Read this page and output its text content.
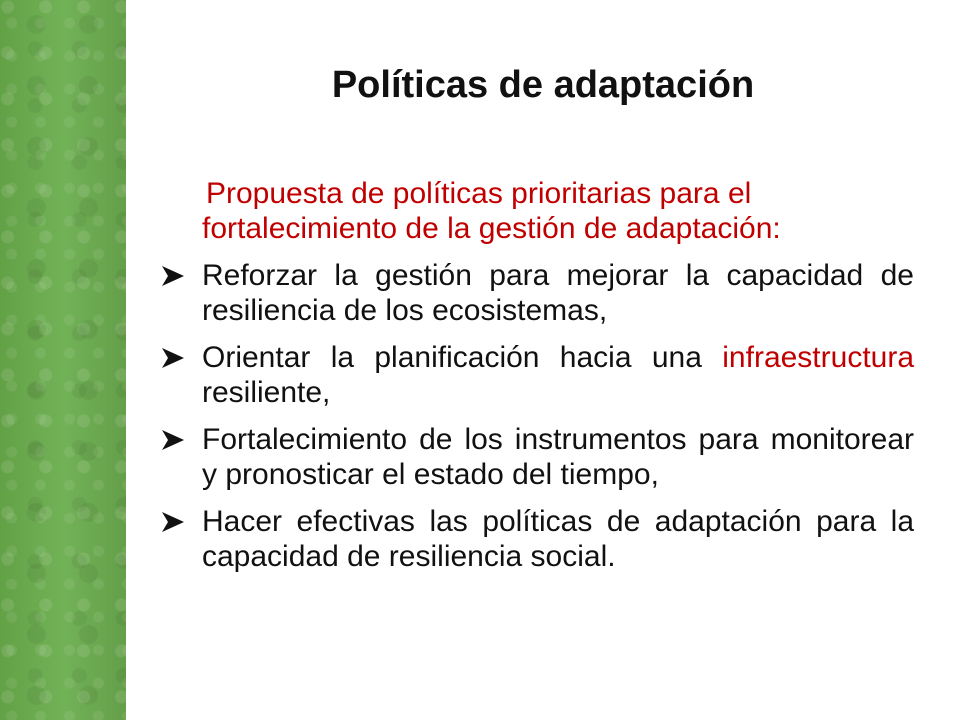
Políticas de adaptación

Propuesta de políticas prioritarias para el
fortalecimiento de la gestión de adaptación:

Reforzar la gestión para mejorar la capacidad de resiliencia de los ecosistemas,
Orientar la planificación hacia una infraestructura resiliente,
Fortalecimiento de los instrumentos para monitorear y pronosticar el estado del tiempo,
Hacer efectivas las políticas de adaptación para la capacidad de resiliencia social.
